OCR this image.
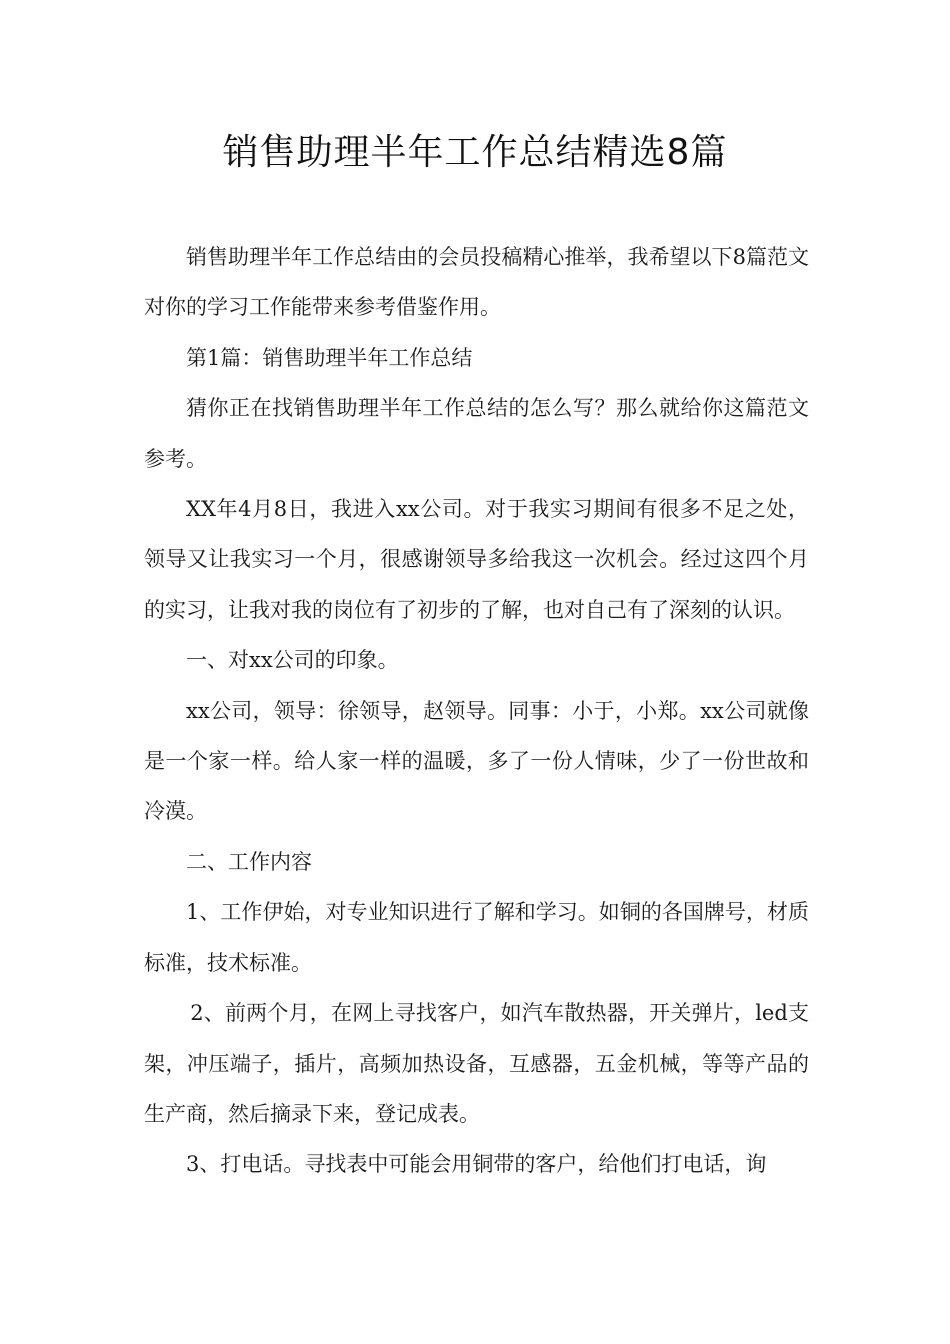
销售助理半年工作总结精选8篇

销售助理半年工作总结由的会员投稿精心推举，我希望以下8篇范文对你的学习工作能带来参考借鉴作用。

第1篇：销售助理半年工作总结

猜你正在找销售助理半年工作总结的怎么写？那么就给你这篇范文参考。

XX年4月8日，我进入xx公司。对于我实习期间有很多不足之处，领导又让我实习一个月，很感谢领导多给我这一次机会。经过这四个月的实习，让我对我的岗位有了初步的了解，也对自己有了深刻的认识。

一、对xx公司的印象。

xx公司，领导：徐领导，赵领导。同事：小于，小郑。xx公司就像是一个家一样。给人家一样的温暖，多了一份人情味，少了一份世故和冷漠。

二、工作内容

1、工作伊始，对专业知识进行了解和学习。如铜的各国牌号，材质标准，技术标准。

2、前两个月，在网上寻找客户，如汽车散热器，开关弹片，led支架，冲压端子，插片，高频加热设备，互感器，五金机械，等等产品的生产商，然后摘录下来，登记成表。

3、打电话。寻找表中可能会用铜带的客户，给他们打电话，询
